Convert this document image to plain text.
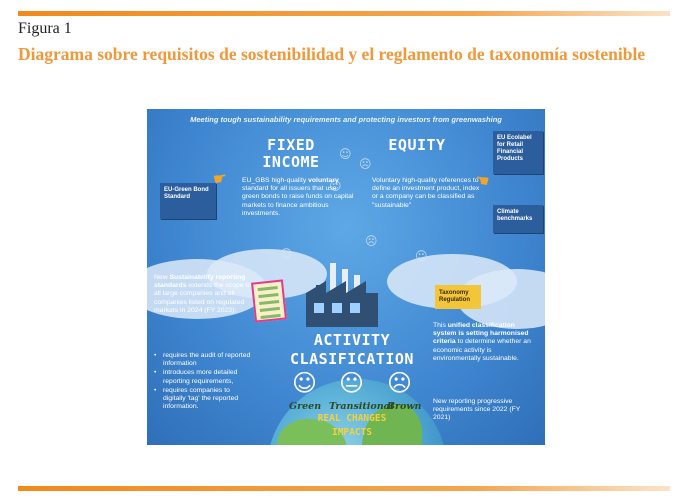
Figura 1
Diagrama sobre requisitos de sostenibilidad y el reglamento de taxonomía sostenible
Meeting tough sustainability requirements and protecting investors from greenwashing
☺
☹
☺
☹
☺	☺
FIXED INCOME
EQUITY
EU_GBS high-quality voluntary standard for all issuers that use green bonds to raise funds on capital markets to finance ambitious investments.
Voluntary high-quality references to define an investment product, index or a company can be classified as "sustainable"
EU-Green Bond Standard
EU Ecolabel for Retail Financial Products
Climate benchmarks
☛	☛
New Sustainability reporting standards extends the scope to all large companies and all companies listed on regulated markets in 2024 (FY 2023):
• requires the audit of reported information
• introduces more detailed reporting requirements,
• requires companies to digitally 'tag' the reported information.
ACTIVITY CLASIFICATION
Taxonomy Regulation
This unified classification system is setting harmonised criteria to determine whether an economic activity is environmentally sustainable.
New reporting progressive requirements since 2022 (FY 2021)
☺ 😐 ☹
Green Transitional
Brown
REAL CHANGES
IMPACTS
